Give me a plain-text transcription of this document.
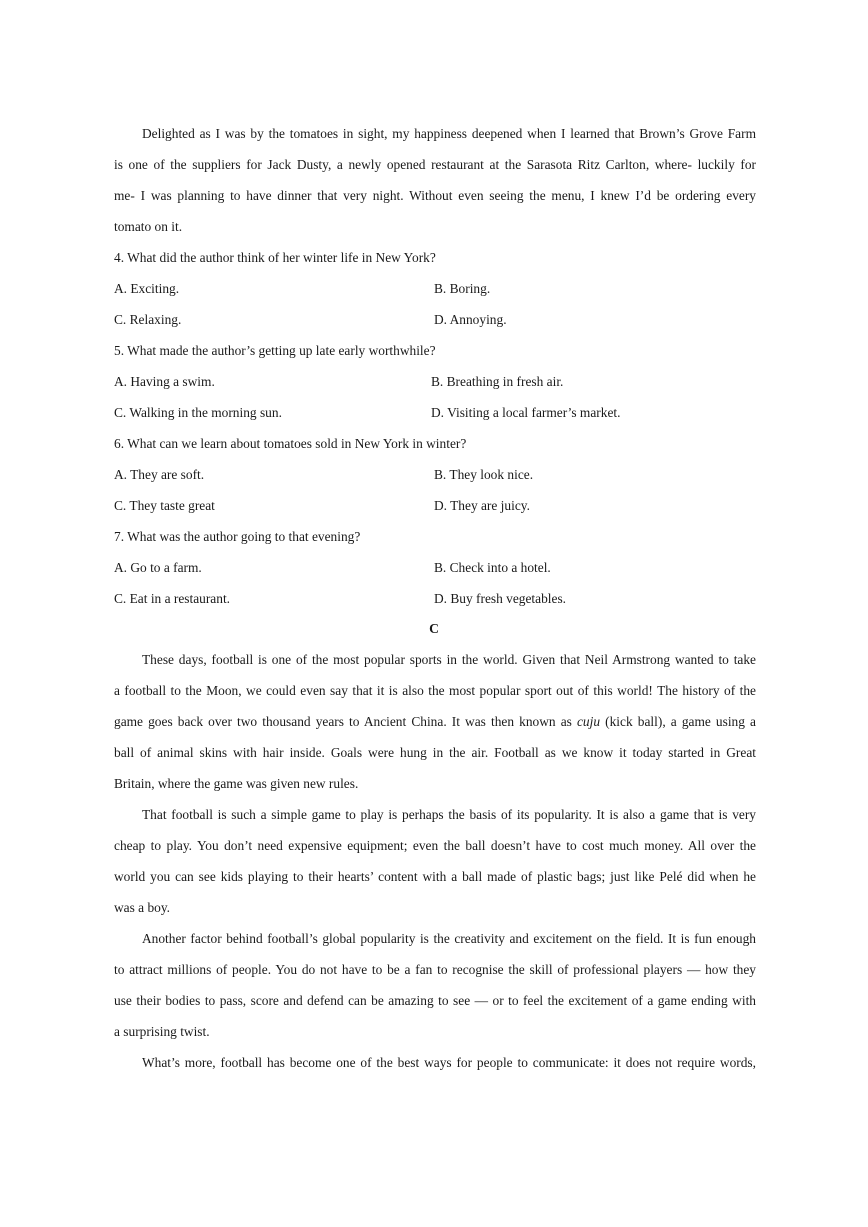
Delighted as I was by the tomatoes in sight, my happiness deepened when I learned that Brown’s Grove Farm
is one of the suppliers for Jack Dusty, a newly opened restaurant at the Sarasota Ritz Carlton, where- luckily for
me- I was planning to have dinner that very night. Without even seeing the menu, I knew I’d be ordering every
tomato on it.
4. What did the author think of her winter life in New York?
A. Exciting.	B. Boring.
C. Relaxing.	D. Annoying.
5. What made the author’s getting up late early worthwhile?
A. Having a swim.	B. Breathing in fresh air.
C. Walking in the morning sun.	D. Visiting a local farmer’s market.
6. What can we learn about tomatoes sold in New York in winter?
A. They are soft.	B. They look nice.
C. They taste great	D. They are juicy.
7. What was the author going to that evening?
A. Go to a farm.	B. Check into a hotel.
C. Eat in a restaurant.	D. Buy fresh vegetables.
C
These days, football is one of the most popular sports in the world. Given that Neil Armstrong wanted to take
a football to the Moon, we could even say that it is also the most popular sport out of this world! The history of the
game goes back over two thousand years to Ancient China. It was then known as cuju (kick ball), a game using a
ball of animal skins with hair inside. Goals were hung in the air. Football as we know it today started in Great
Britain, where the game was given new rules.
That football is such a simple game to play is perhaps the basis of its popularity. It is also a game that is very
cheap to play. You don’t need expensive equipment; even the ball doesn’t have to cost much money. All over the
world you can see kids playing to their hearts’ content with a ball made of plastic bags; just like Pelé did when he
was a boy.
Another factor behind football’s global popularity is the creativity and excitement on the field. It is fun enough
to attract millions of people. You do not have to be a fan to recognise the skill of professional players — how they
use their bodies to pass, score and defend can be amazing to see — or to feel the excitement of a game ending with
a surprising twist.
What’s more, football has become one of the best ways for people to communicate: it does not require words,
